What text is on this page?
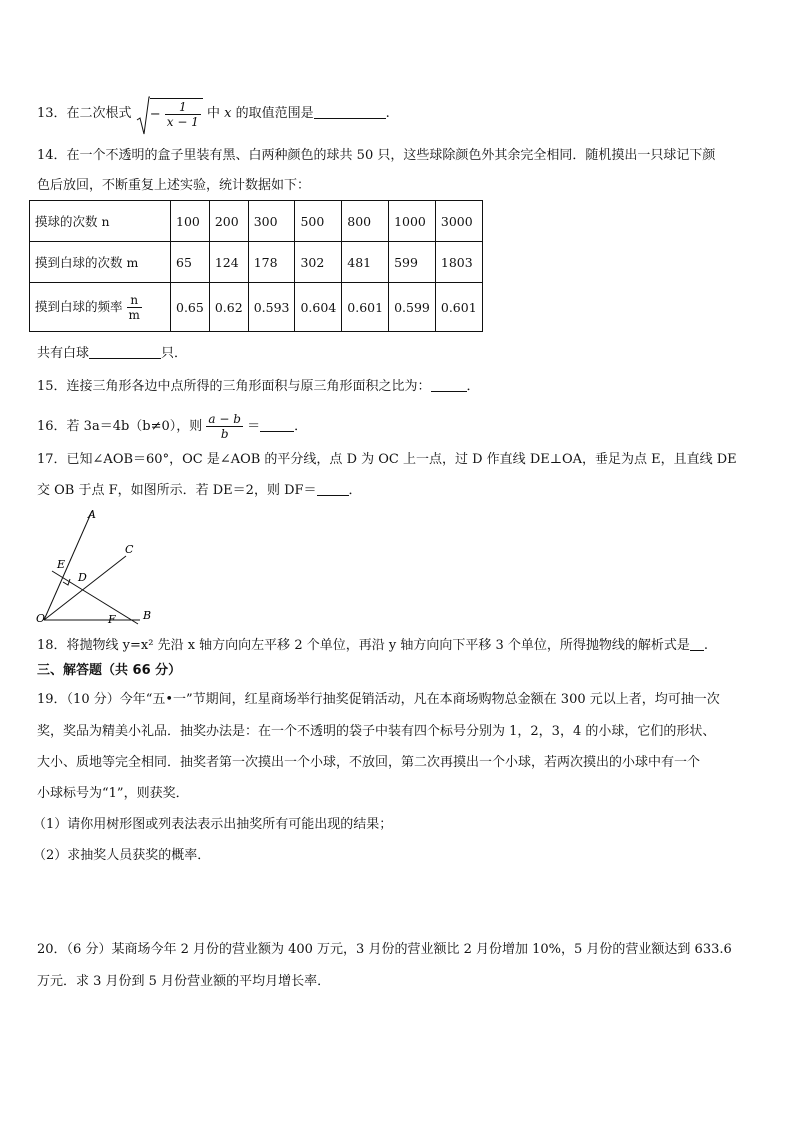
13．在二次根式 − $\frac{1}{x - 1}$ 中 x 的取值范围是	.
14．在一个不透明的盒子里装有黑、白两种颜色的球共 50 只，这些球除颜色外其余完全相同．随机摸出一只球记下颜
色后放回，不断重复上述实验，统计数据如下：
摸球的次数 n	100	200	300	500	800	1000	3000
摸到白球的次数 m	65	124	178	302	481	599	1803
摸到白球的频率 $\frac{n}{m}$	0.65	0.62	0.593	0.604	0.601	0.599	0.601
共有白球	只．
15．连接三角形各边中点所得的三角形面积与原三角形面积之比为：	．
16．若 3a＝4b（b≠0），则 $\frac{a - b}{b}$ ＝	．
17．已知∠AOB＝60°，OC 是∠AOB 的平分线，点 D 为 OC 上一点，过 D 作直线 DE⊥OA，垂足为点 E，且直线 DE
交 OB 于点 F，如图所示．若 DE＝2，则 DF＝ ．
A
C
E
D
O	F B
18．将抛物线 y=x² 先沿 x 轴方向向左平移 2 个单位，再沿 y 轴方向向下平移 3 个单位，所得抛物线的解析式是 .
三、解答题（共 66 分）
19．（10 分）今年“五•一”节期间，红星商场举行抽奖促销活动，凡在本商场购物总金额在 300 元以上者，均可抽一次
奖，奖品为精美小礼品．抽奖办法是：在一个不透明的袋子中装有四个标号分别为 1，2，3，4 的小球，它们的形状、
大小、质地等完全相同．抽奖者第一次摸出一个小球，不放回，第二次再摸出一个小球，若两次摸出的小球中有一个
小球标号为“1”，则获奖．
（1）请你用树形图或列表法表示出抽奖所有可能出现的结果；
（2）求抽奖人员获奖的概率．
20．（6 分）某商场今年 2 月份的营业额为 400 万元，3 月份的营业额比 2 月份增加 10%，5 月份的营业额达到 633.6
万元．求 3 月份到 5 月份营业额的平均月增长率．
